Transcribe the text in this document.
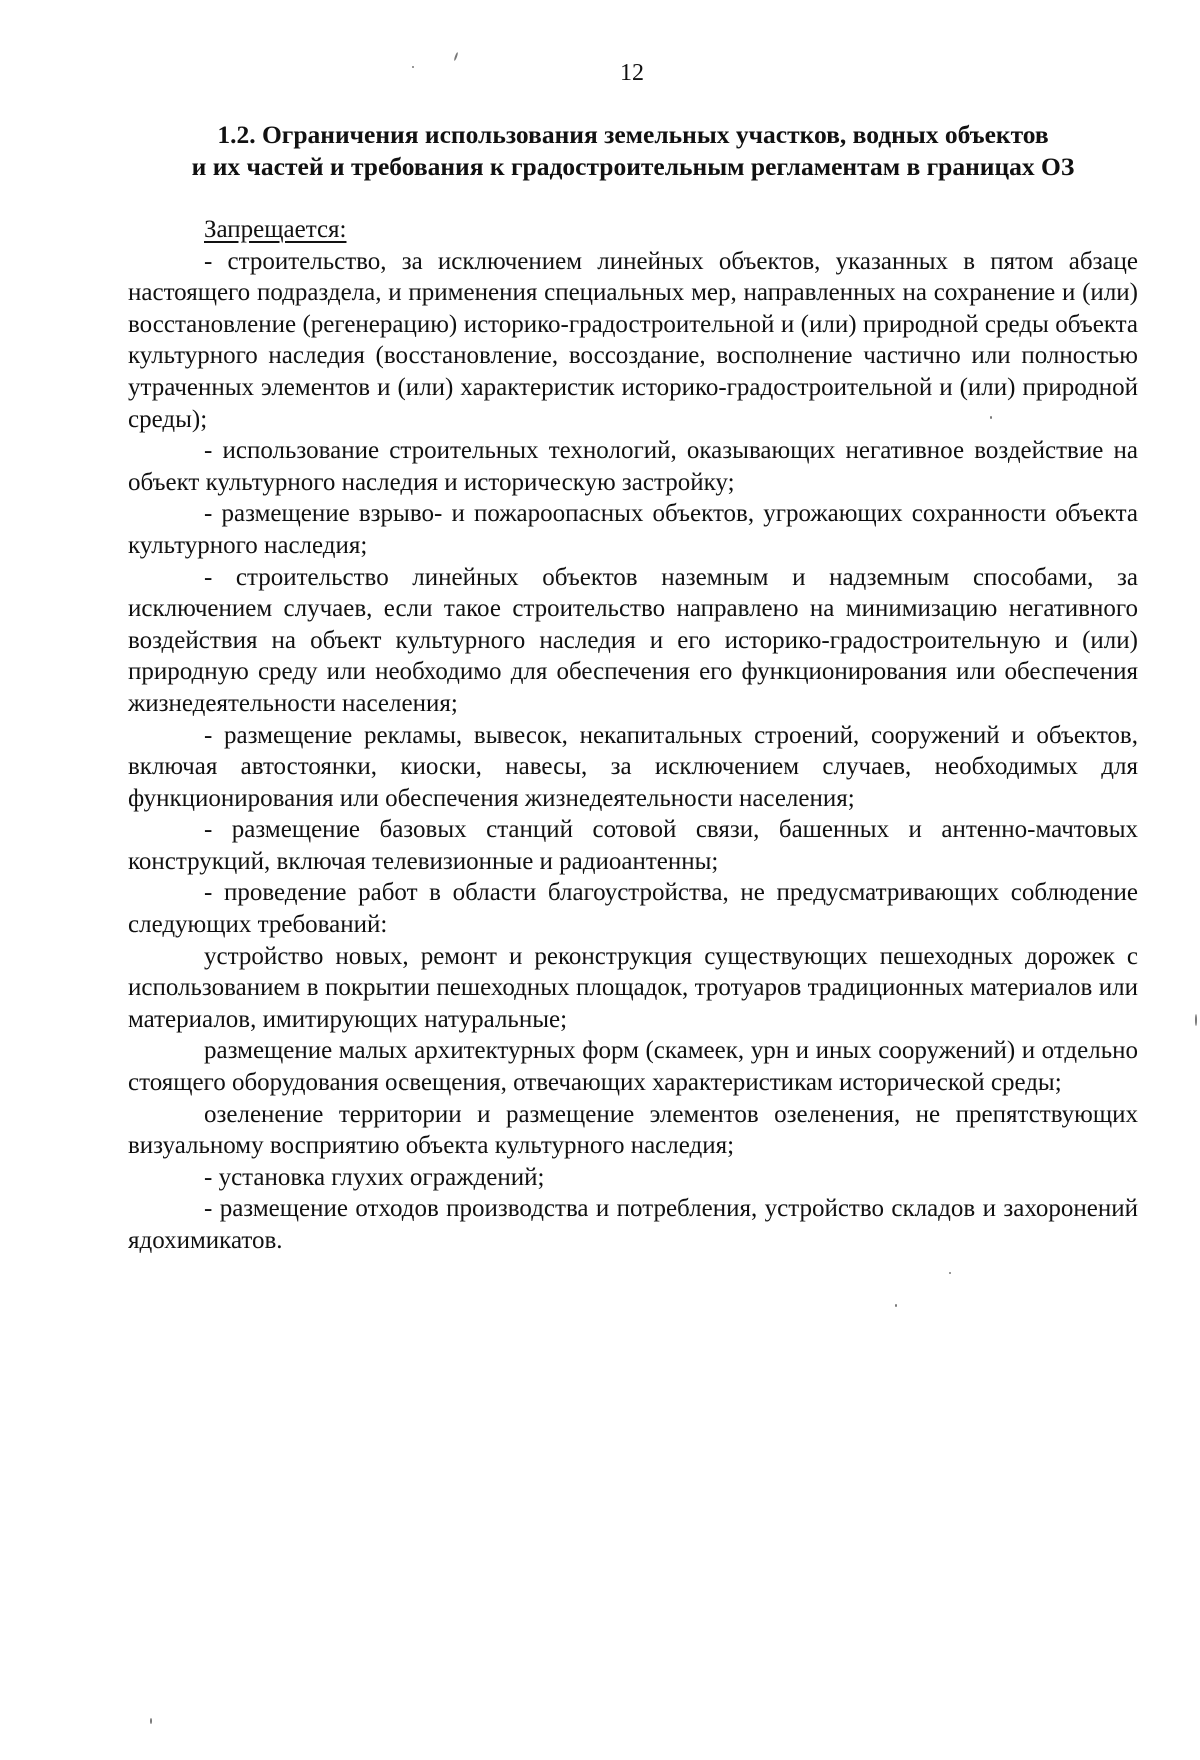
12
1.2. Ограничения использования земельных участков, водных объектов
и их частей и требования к градостроительным регламентам в границах ОЗ

Запрещается:

- строительство, за исключением линейных объектов, указанных в пятом абзаце настоящего подраздела, и применения специальных мер, направленных на сохранение и (или) восстановление (регенерацию) историко-градостроительной и (или) природной среды объекта культурного наследия (восстановление, воссоздание, восполнение частично или полностью утраченных элементов и (или) характеристик историко-градостроительной и (или) природной среды);

- использование строительных технологий, оказывающих негативное воздействие на объект культурного наследия и историческую застройку;

- размещение взрыво- и пожароопасных объектов, угрожающих сохранности объекта культурного наследия;

- строительство линейных объектов наземным и надземным способами, за исключением случаев, если такое строительство направлено на минимизацию негативного воздействия на объект культурного наследия и его историко-градостроительную и (или) природную среду или необходимо для обеспечения его функционирования или обеспечения жизнедеятельности населения;

- размещение рекламы, вывесок, некапитальных строений, сооружений и объектов, включая автостоянки, киоски, навесы, за исключением случаев, необходимых для функционирования или обеспечения жизнедеятельности населения;

- размещение базовых станций сотовой связи, башенных и антенно-мачтовых конструкций, включая телевизионные и радиоантенны;

- проведение работ в области благоустройства, не предусматривающих соблюдение следующих требований:

устройство новых, ремонт и реконструкция существующих пешеходных дорожек с использованием в покрытии пешеходных площадок, тротуаров традиционных материалов или материалов, имитирующих натуральные;

размещение малых архитектурных форм (скамеек, урн и иных сооружений) и отдельно стоящего оборудования освещения, отвечающих характеристикам исторической среды;

озеленение территории и размещение элементов озеленения, не препятствующих визуальному восприятию объекта культурного наследия;

- установка глухих ограждений;

- размещение отходов производства и потребления, устройство складов и захоронений ядохимикатов.
